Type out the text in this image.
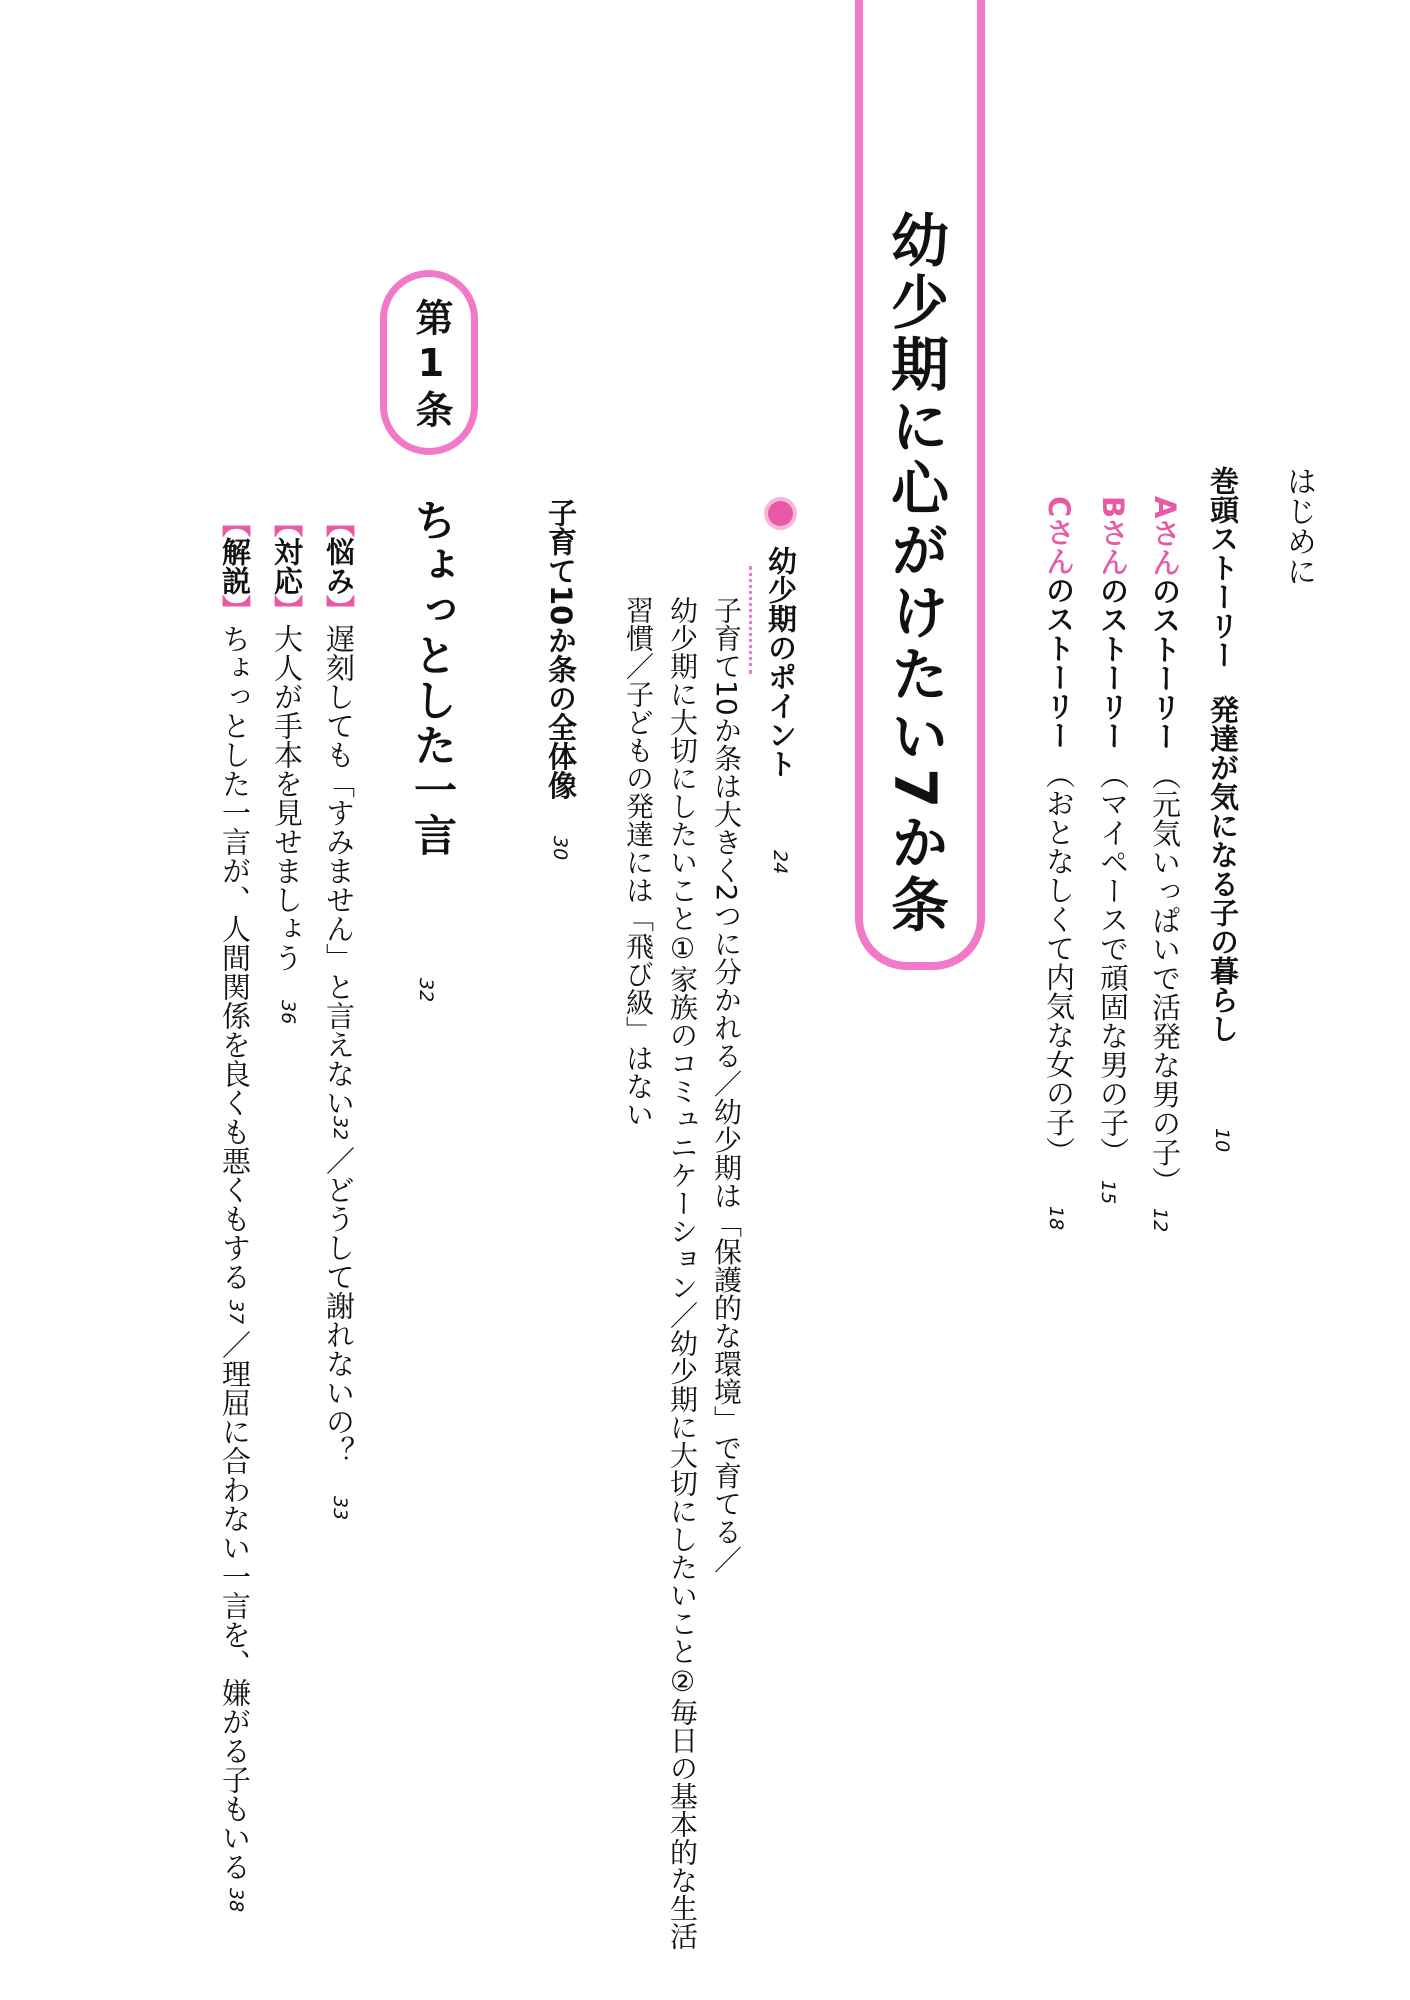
はじめに
巻頭ストーリー発達が気になる子の暮らし
10
Aさんのストーリー（元気いっぱいで活発な男の子）
12
Bさんのストーリー（マイペースで頑固な男の子）
15
Cさんのストーリー（おとなしくて内気な女の子）
18
幼少期に心がけたい7か条
幼少期のポイント
24
子育て10か条は大きく2つに分かれる／幼少期は「保護的な環境」で育てる／
幼少期に大切にしたいこと①家族のコミュニケーション／幼少期に大切にしたいこと②毎日の基本的な生活
習慣／子どもの発達には「飛び級」はない
子育て10か条の全体像
30
第1条
ちょっとした一言
32
【悩み】遅刻しても「すみません」と言えない
32
／どうして謝れないの？
33
【対応】大人が手本を見せましょう
36
【解説】ちょっとした一言が、人間関係を良くも悪くもする
37
／理屈に合わない一言を、嫌がる子もいる
38
